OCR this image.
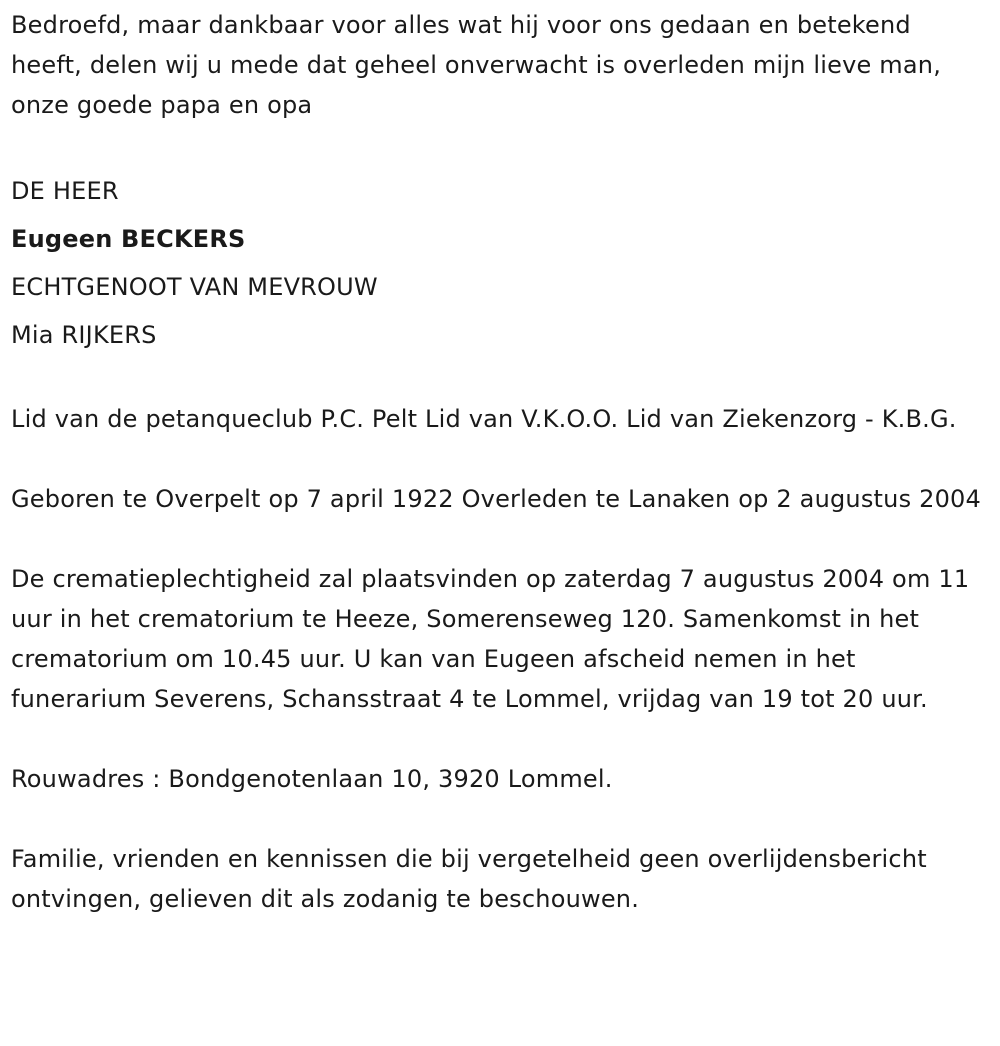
Bedroefd, maar dankbaar voor alles wat hij voor ons gedaan en betekend heeft, delen wij u mede dat geheel onverwacht is overleden mijn lieve man, onze goede papa en opa

DE HEER

Eugeen BECKERS

ECHTGENOOT VAN MEVROUW

Mia RIJKERS

Lid van de petanqueclub P.C. Pelt Lid van V.K.O.O. Lid van Ziekenzorg - K.B.G.

Geboren te Overpelt op 7 april 1922 Overleden te Lanaken op 2 augustus 2004

De crematieplechtigheid zal plaatsvinden op zaterdag 7 augustus 2004 om 11 uur in het crematorium te Heeze, Somerenseweg 120. Samenkomst in het crematorium om 10.45 uur. U kan van Eugeen afscheid nemen in het funerarium Severens, Schansstraat 4 te Lommel, vrijdag van 19 tot 20 uur.

Rouwadres : Bondgenotenlaan 10, 3920 Lommel.

Familie, vrienden en kennissen die bij vergetelheid geen overlijdensbericht ontvingen, gelieven dit als zodanig te beschouwen.
